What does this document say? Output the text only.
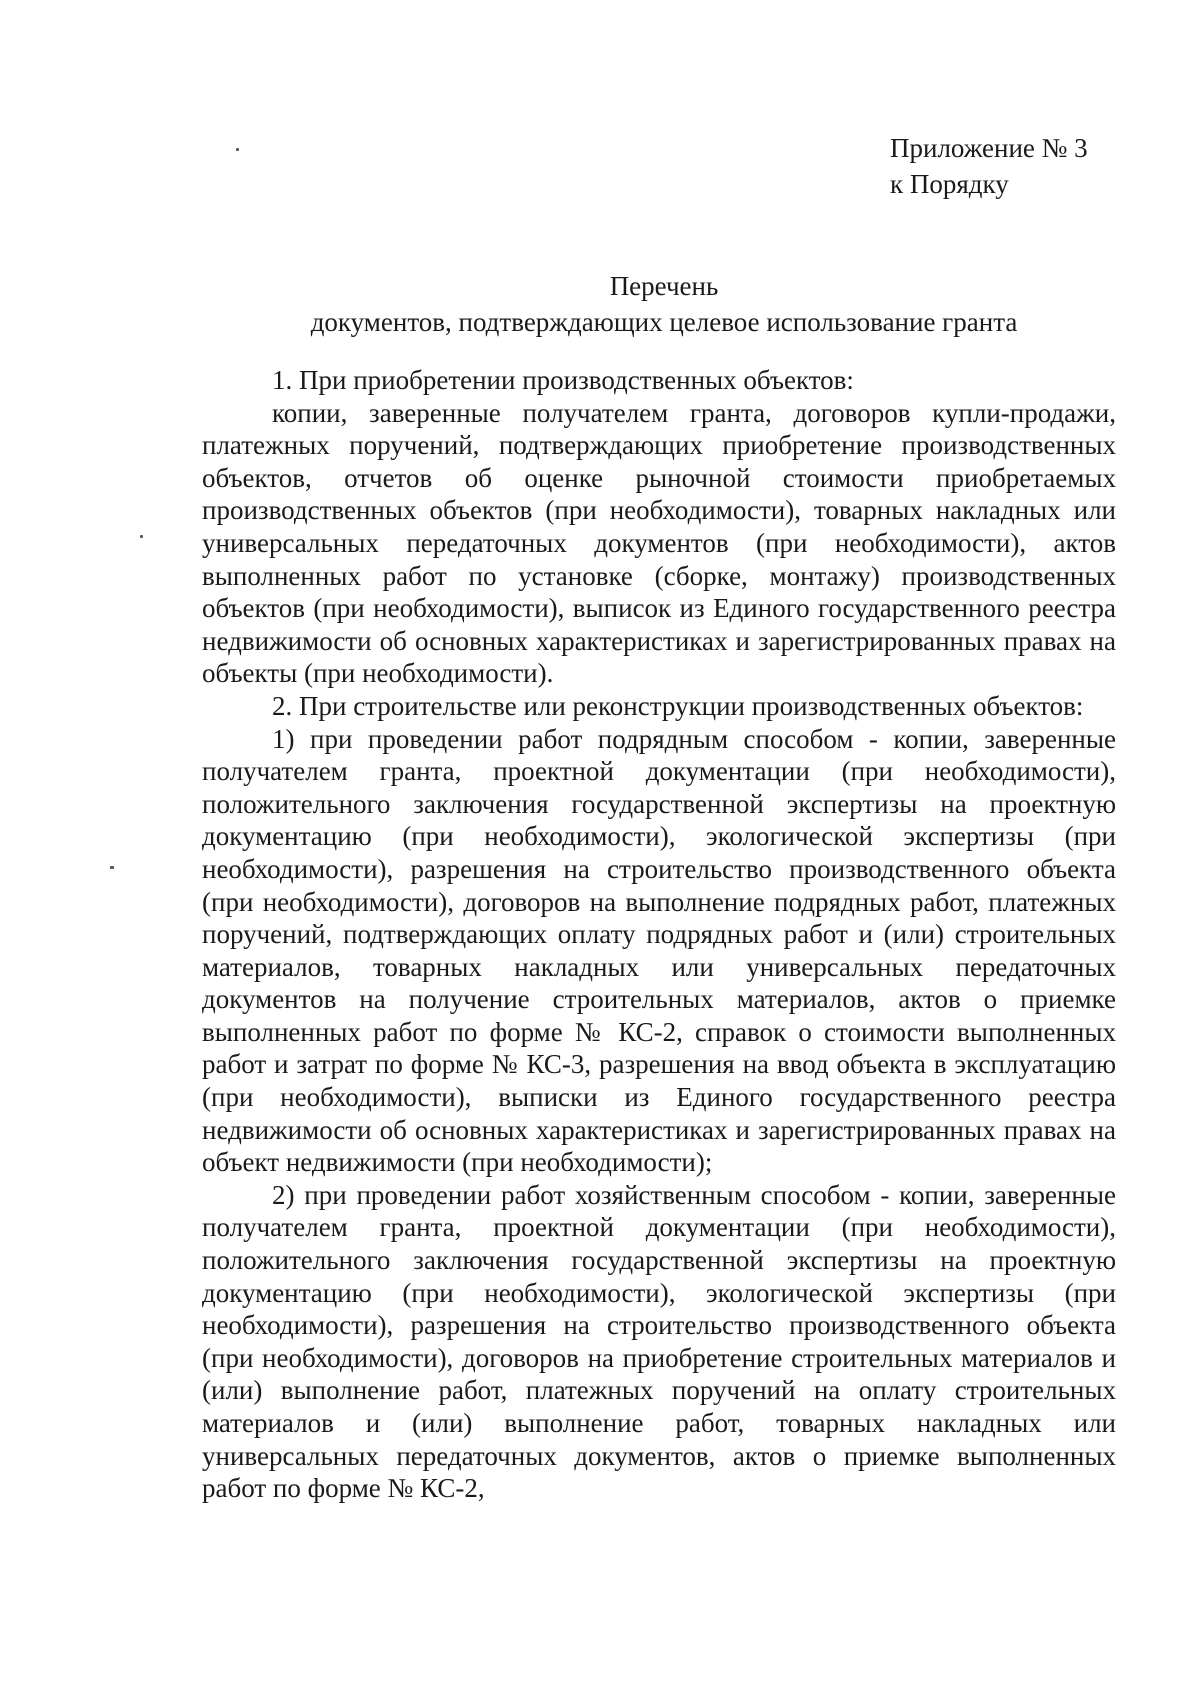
Приложение № 3
к Порядку
Перечень
документов, подтверждающих целевое использование гранта

1. При приобретении производственных объектов:

копии, заверенные получателем гранта, договоров купли-продажи, платежных поручений, подтверждающих приобретение производственных объектов, отчетов об оценке рыночной стоимости приобретаемых производственных объектов (при необходимости), товарных накладных или универсальных передаточных документов (при необходимости), актов выполненных работ по установке (сборке, монтажу) производственных объектов (при необходимости), выписок из Единого государственного реестра недвижимости об основных характеристиках и зарегистрированных правах на объекты (при необходимости).

2. При строительстве или реконструкции производственных объектов:

1) при проведении работ подрядным способом - копии, заверенные получателем гранта, проектной документации (при необходимости), положительного заключения государственной экспертизы на проектную документацию (при необходимости), экологической экспертизы (при необходимости), разрешения на строительство производственного объекта (при необходимости), договоров на выполнение подрядных работ, платежных поручений, подтверждающих оплату подрядных работ и (или) строительных материалов, товарных накладных или универсальных передаточных документов на получение строительных материалов, актов о приемке выполненных работ по форме № КС-2, справок о стоимости выполненных работ и затрат по форме № КС-3, разрешения на ввод объекта в эксплуатацию (при необходимости), выписки из Единого государственного реестра недвижимости об основных характеристиках и зарегистрированных правах на объект недвижимости (при необходимости);

2) при проведении работ хозяйственным способом - копии, заверенные получателем гранта, проектной документации (при необходимости), положительного заключения государственной экспертизы на проектную документацию (при необходимости), экологической экспертизы (при необходимости), разрешения на строительство производственного объекта (при необходимости), договоров на приобретение строительных материалов и (или) выполнение работ, платежных поручений на оплату строительных материалов и (или) выполнение работ, товарных накладных или универсальных передаточных документов, актов о приемке выполненных работ по форме № КС-2,
